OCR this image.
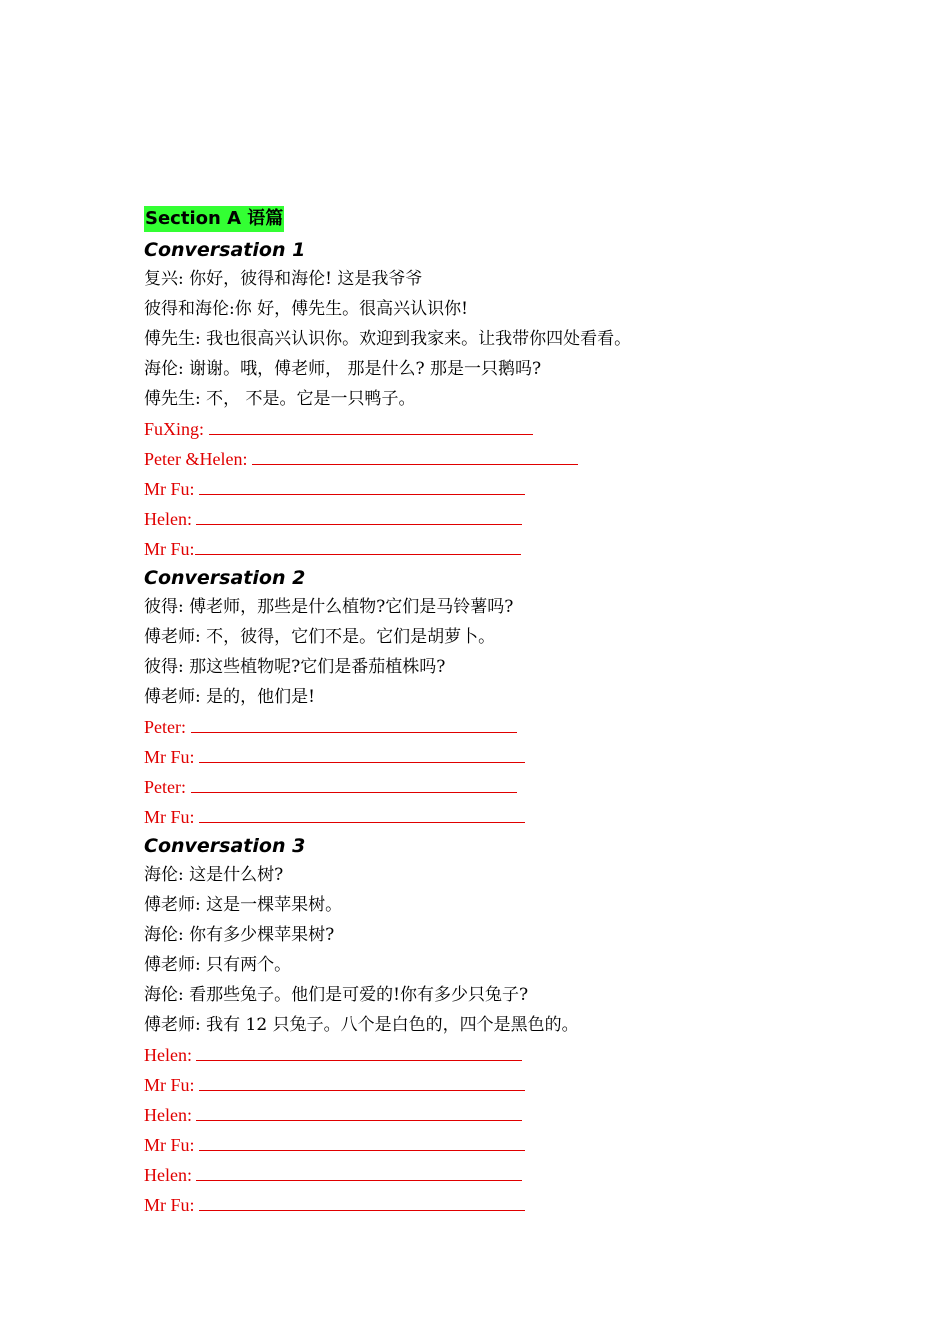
Section A 语篇
Conversation 1
复兴: 你好，彼得和海伦! 这是我爷爷
彼得和海伦:你 好，傅先生。很高兴认识你!
傅先生: 我也很高兴认识你。欢迎到我家来。让我带你四处看看。
海伦: 谢谢。哦，傅老师， 那是什么? 那是一只鹅吗?
傅先生: 不， 不是。它是一只鸭子。
FuXing:
Peter &Helen:
Mr Fu:
Helen:
Mr Fu:
Conversation 2
彼得: 傅老师，那些是什么植物?它们是马铃薯吗?
傅老师: 不，彼得，它们不是。它们是胡萝卜。
彼得: 那这些植物呢?它们是番茄植株吗?
傅老师: 是的，他们是!
Peter:
Mr Fu:
Peter:
Mr Fu:
Conversation 3
海伦: 这是什么树?
傅老师: 这是一棵苹果树。
海伦: 你有多少棵苹果树?
傅老师: 只有两个。
海伦: 看那些兔子。他们是可爱的!你有多少只兔子?
傅老师: 我有 12 只兔子。八个是白色的，四个是黑色的。
Helen:
Mr Fu:
Helen:
Mr Fu:
Helen:
Mr Fu:
